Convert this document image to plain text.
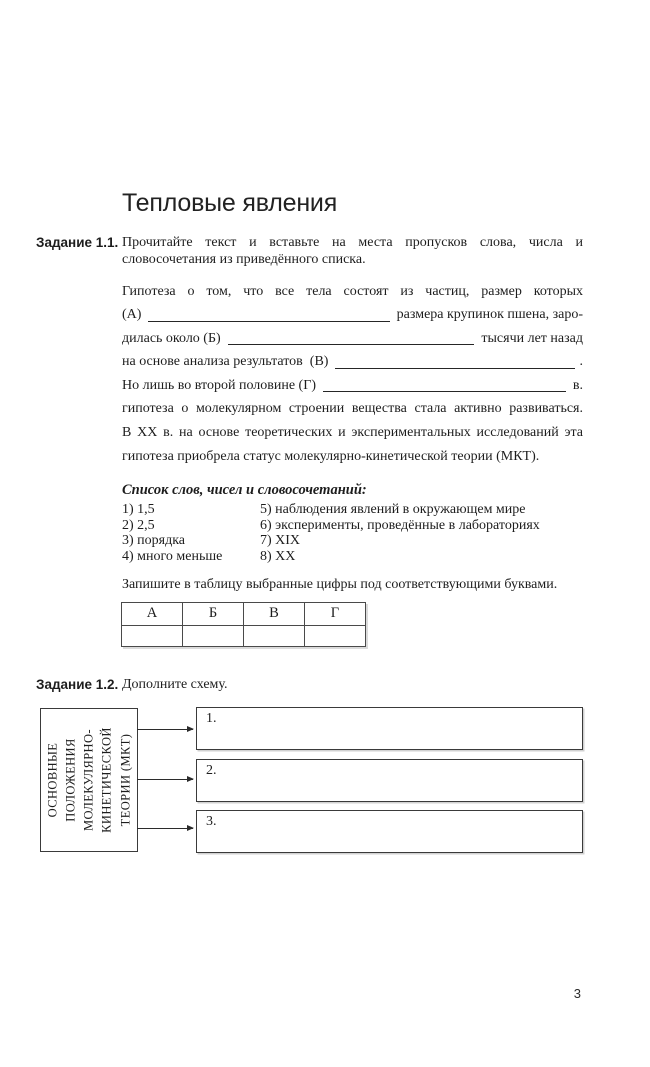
Тепловые явления
Задание 1.1. Прочитайте текст и вставьте на места пропусков слова, числа и словосочетания из приведённого списка.
Гипотеза о том, что все тела состоят из частиц, размер которых
(А)	размера крупинок пшена, заро-
дилась около (Б)	тысячи лет назад
на основе анализа результатов  (В)	.
Но лишь во второй половине (Г)	в.
гипотеза о молекулярном строении вещества стала активно развиваться.
В XX в. на основе теоретических и экспериментальных исследований эта
гипотеза приобрела статус молекулярно-кинетической теории (МКТ).
Список слов, чисел и словосочетаний:
1) 1,5
2) 2,5
3) порядка
4) много меньше
5) наблюдения явлений в окружающем мире
6) эксперименты, проведённые в лабораториях
7) XIX
8) XX
Запишите в таблицу выбранные цифры под соответствующими буквами.
А	Б	В	Г

Задание 1.2. Дополните схему.
ОСНОВНЫЕ ПОЛОЖЕНИЯ МОЛЕКУЛЯРНО-КИНЕТИЧЕСКОЙ ТЕОРИИ (МКТ)
1.
2.
3.
3
